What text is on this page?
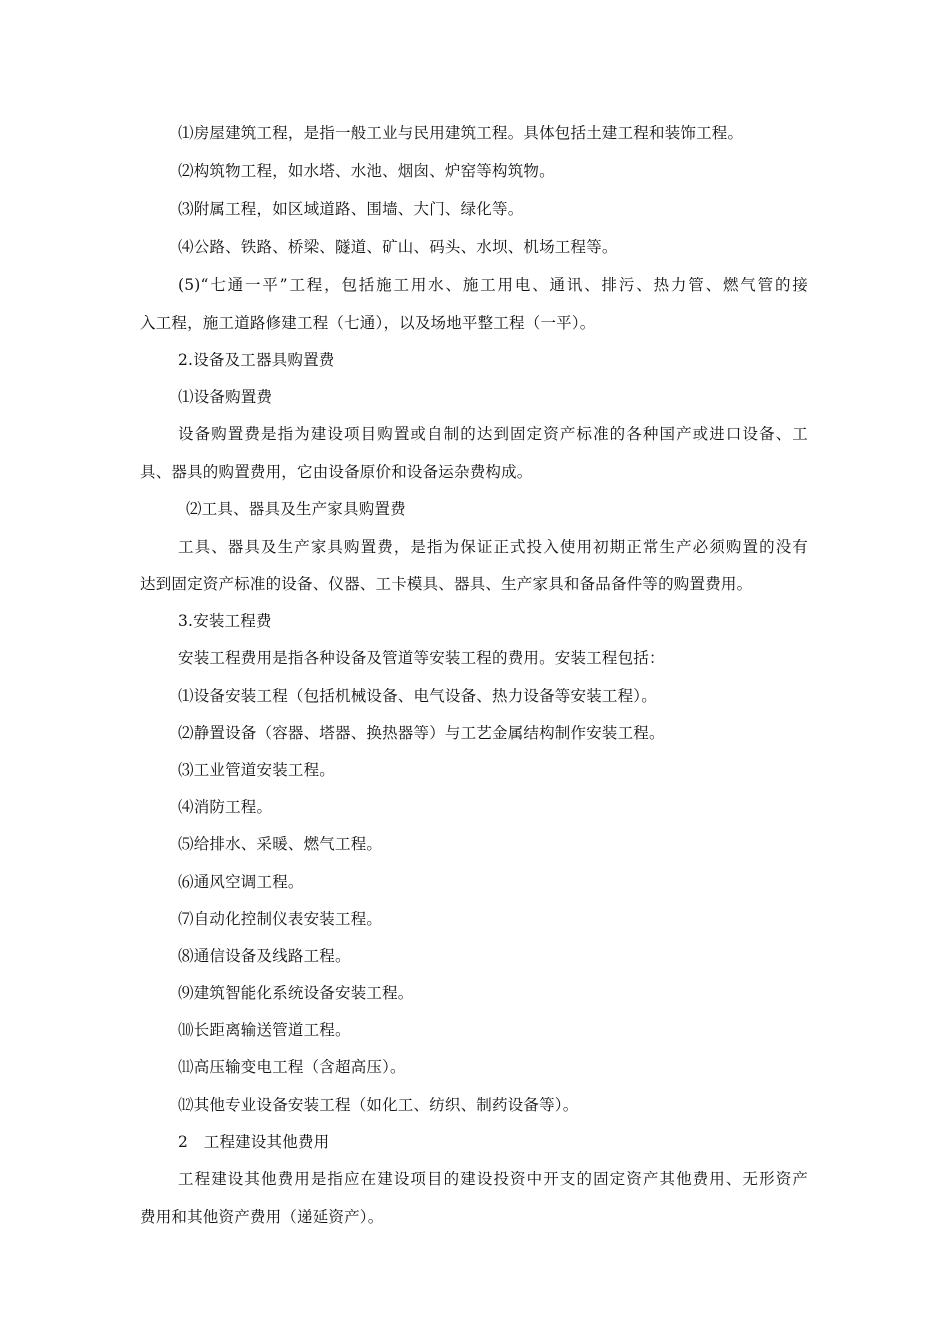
⑴房屋建筑工程，是指一般工业与民用建筑工程。具体包括土建工程和装饰工程。
⑵构筑物工程，如水塔、水池、烟囱、炉窑等构筑物。
⑶附属工程，如区域道路、围墙、大门、绿化等。
⑷公路、铁路、桥梁、隧道、矿山、码头、水坝、机场工程等。
(5)“七通一平”工程，包括施工用水、施工用电、通讯、排污、热力管、燃气管的接
入工程，施工道路修建工程（七通），以及场地平整工程（一平）。
2.设备及工器具购置费
⑴设备购置费
设备购置费是指为建设项目购置或自制的达到固定资产标准的各种国产或进口设备、工
具、器具的购置费用，它由设备原价和设备运杂费构成。
⑵工具、器具及生产家具购置费
工具、器具及生产家具购置费，是指为保证正式投入使用初期正常生产必须购置的没有
达到固定资产标准的设备、仪器、工卡模具、器具、生产家具和备品备件等的购置费用。
3.安装工程费
安装工程费用是指各种设备及管道等安装工程的费用。安装工程包括：
⑴设备安装工程（包括机械设备、电气设备、热力设备等安装工程）。
⑵静置设备（容器、塔器、换热器等）与工艺金属结构制作安装工程。
⑶工业管道安装工程。
⑷消防工程。
⑸给排水、采暖、燃气工程。
⑹通风空调工程。
⑺自动化控制仪表安装工程。
⑻通信设备及线路工程。
⑼建筑智能化系统设备安装工程。
⑽长距离输送管道工程。
⑾高压输变电工程（含超高压）。
⑿其他专业设备安装工程（如化工、纺织、制药设备等）。
2　工程建设其他费用
工程建设其他费用是指应在建设项目的建设投资中开支的固定资产其他费用、无形资产
费用和其他资产费用（递延资产）。
